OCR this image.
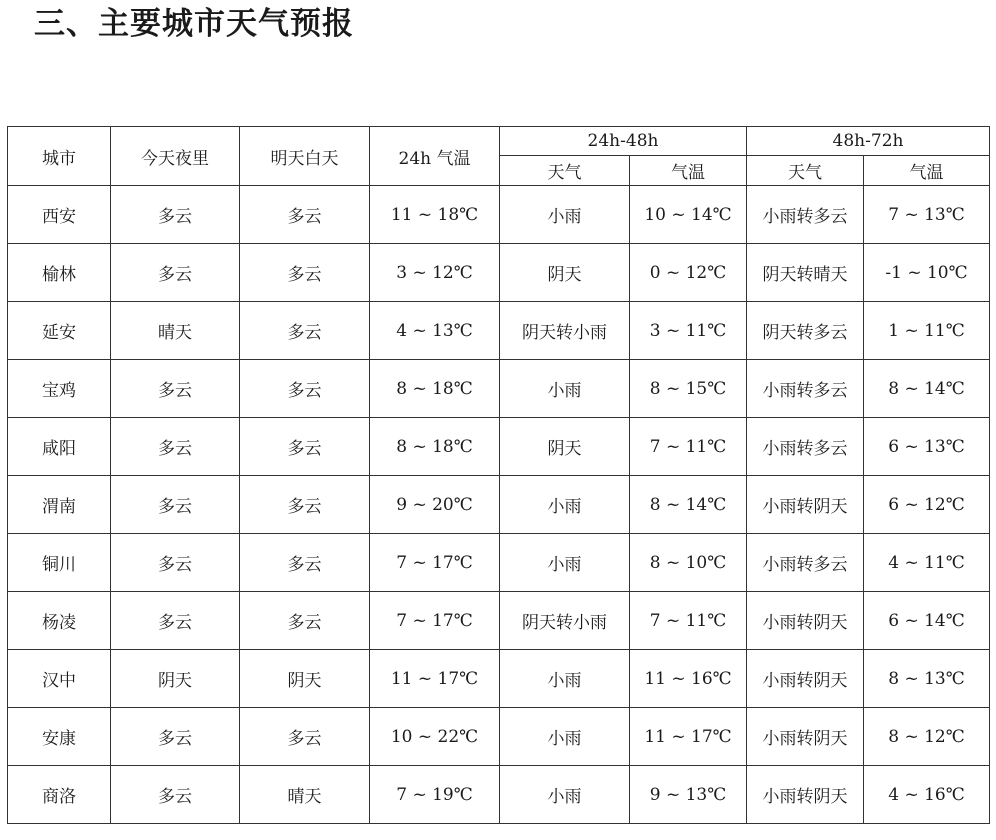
三、主要城市天气预报
城市	今天夜里	明天白天	24h 气温	24h-48h		48h-72h	
				天气	气温	天气	气温
西安	多云	多云	11 ~ 18℃	小雨	10 ~ 14℃	小雨转多云	7 ~ 13℃
榆林	多云	多云	3 ~ 12℃	阴天	0 ~ 12℃	阴天转晴天	-1 ~ 10℃
延安	晴天	多云	4 ~ 13℃	阴天转小雨	3 ~ 11℃	阴天转多云	1 ~ 11℃
宝鸡	多云	多云	8 ~ 18℃	小雨	8 ~ 15℃	小雨转多云	8 ~ 14℃
咸阳	多云	多云	8 ~ 18℃	阴天	7 ~ 11℃	小雨转多云	6 ~ 13℃
渭南	多云	多云	9 ~ 20℃	小雨	8 ~ 14℃	小雨转阴天	6 ~ 12℃
铜川	多云	多云	7 ~ 17℃	小雨	8 ~ 10℃	小雨转多云	4 ~ 11℃
杨凌	多云	多云	7 ~ 17℃	阴天转小雨	7 ~ 11℃	小雨转阴天	6 ~ 14℃
汉中	阴天	阴天	11 ~ 17℃	小雨	11 ~ 16℃	小雨转阴天	8 ~ 13℃
安康	多云	多云	10 ~ 22℃	小雨	11 ~ 17℃	小雨转阴天	8 ~ 12℃
商洛	多云	晴天	7 ~ 19℃	小雨	9 ~ 13℃	小雨转阴天	4 ~ 16℃
